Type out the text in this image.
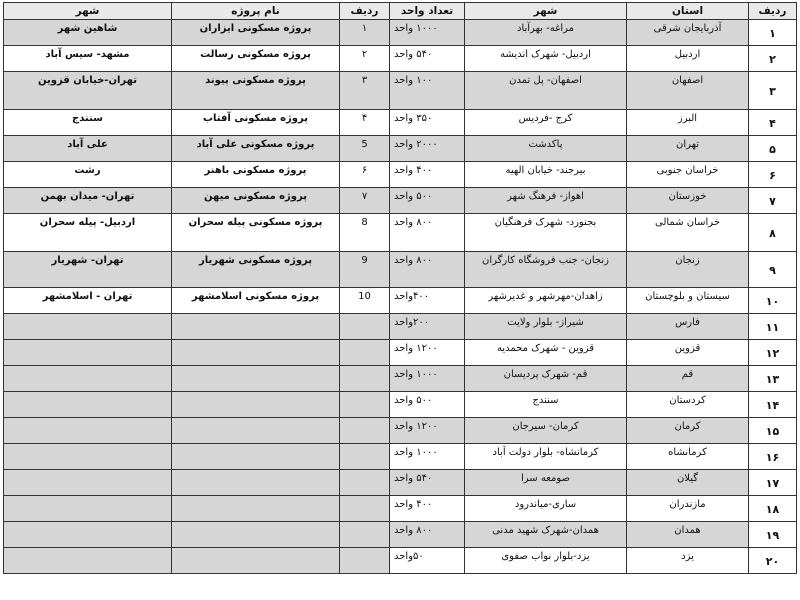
ردیف	استان	شهر	تعداد واحد	ردیف	نام پروژه	شهر
۱	آذربایجان شرقی	مراغه- بهرآباد	۱۰۰۰ واحد	۱	پروژه مسکونی ایزاران	شاهین شهر
۲	اردبیل	اردبیل- شهرک اندیشه	۵۴۰ واحد	۲	پروژه مسکونی رسالت	مشهد- سیس آباد
۳	اصفهان	اصفهان- پل تمدن	۱۰۰ واحد	۳	پروژه مسکونی پیوند	تهران-خیابان قزوین
۴	البرز	کرج -فردیس	۳۵۰ واحد	۴	پروژه مسکونی آفتاب	سنندج
۵	تهران	پاکدشت	۲۰۰۰ واحد	5	پروژه مسکونی علی آباد	علی آباد
۶	خراسان جنوبی	بیرجند- خیابان الهیه	۴۰۰ واحد	۶	پروژه مسکونی باهنر	رشت
۷	خوزستان	اهواز- فرهنگ شهر	۵۰۰ واحد	۷	پروژه مسکونی میهن	تهران- میدان بهمن
۸	خراسان شمالی	بجنورد- شهرک فرهنگیان	۸۰۰ واحد	8	پروژه مسکونی پیله سحران	اردبیل- پیله سحران
۹	زنجان	زنجان- جنب فروشگاه کارگران	۸۰۰ واحد	9	پروژه مسکونی شهریار	تهران- شهریار
۱۰	سیستان و بلوچستان	زاهدان-مهرشهر و غدیرشهر	۴۰۰واحد	10	پروژه مسکونی اسلامشهر	تهران - اسلامشهر
۱۱	فارس	شیراز- بلوار ولایت	۲۰۰واحد			
۱۲	قزوین	قزوین - شهرک محمدیه	۱۲۰۰ واحد			
۱۳	قم	قم- شهرک پردیسان	۱۰۰۰ واحد			
۱۴	کردستان	سنندج	۵۰۰ واحد			
۱۵	کرمان	کرمان- سیرجان	۱۲۰۰ واحد			
۱۶	کرمانشاه	کرمانشاه- بلوار دولت آباد	۱۰۰۰ واحد			
۱۷	گیلان	صومعه سرا	۵۴۰ واحد			
۱۸	مازندران	ساری-میاندرود	۴۰۰ واحد			
۱۹	همدان	همدان-شهرک شهید مدنی	۸۰۰ واحد			
۲۰	یزد	یزد-بلوار نواب صفوی	۵۰واحد			
